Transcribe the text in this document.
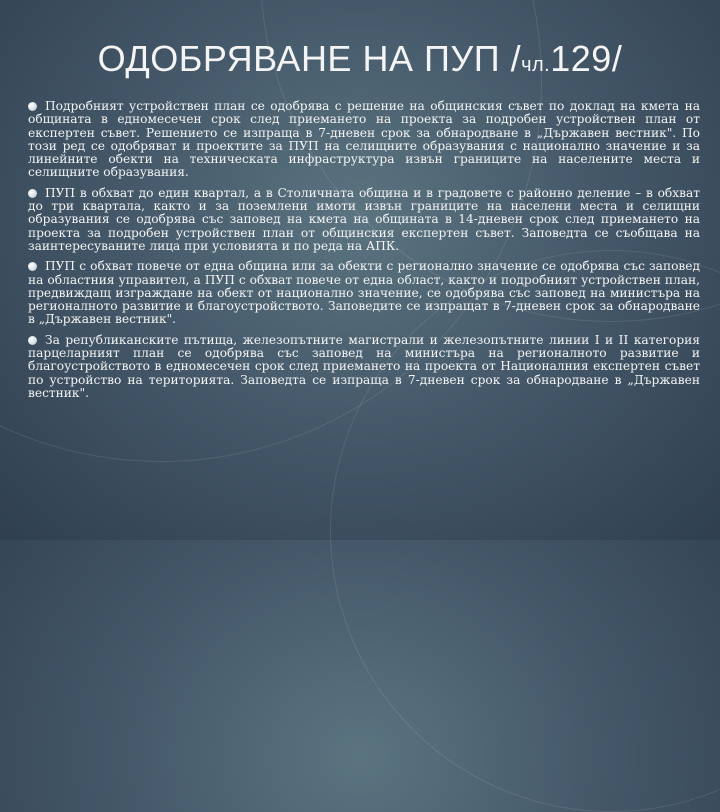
ОДОБРЯВАНЕ НА ПУП /чл.129/

Подробният устройствен план се одобрява с решение на общинския съвет по доклад на кмета на общината в едномесечен срок след приемането на проекта за подробен устройствен план от експертен съвет. Решението се изпраща в 7-дневен срок за обнародване в „Държавен вестник". По този ред се одобряват и проектите за ПУП на селищните образувания с национално значение и за линейните обекти на техническата инфраструктура извън границите на населените места и селищните образувания.

ПУП в обхват до един квартал, а в Столичната община и в градовете с районно деление – в обхват до три квартала, както и за поземлени имоти извън границите на населени места и селищни образувания се одобрява със заповед на кмета на общината в 14-дневен срок след приемането на проекта за подробен устройствен план от общинския експертен съвет. Заповедта се съобщава на заинтересуваните лица при условията и по реда на АПК.

ПУП с обхват повече от една община или за обекти с регионално значение се одобрява със заповед на областния управител, а ПУП с обхват повече от една област, както и подробният устройствен план, предвиждащ изграждане на обект от национално значение, се одобрява със заповед на министъра на регионалното развитие и благоустройството. Заповедите се изпращат в 7-дневен срок за обнародване в „Държавен вестник".

За републиканските пътища, железопътните магистрали и железопътните линии I и II категория парцеларният план се одобрява със заповед на министъра на регионалното развитие и благоустройството в едномесечен срок след приемането на проекта от Националния експертен съвет по устройство на територията. Заповедта се изпраща в 7-дневен срок за обнародване в „Държавен вестник".
